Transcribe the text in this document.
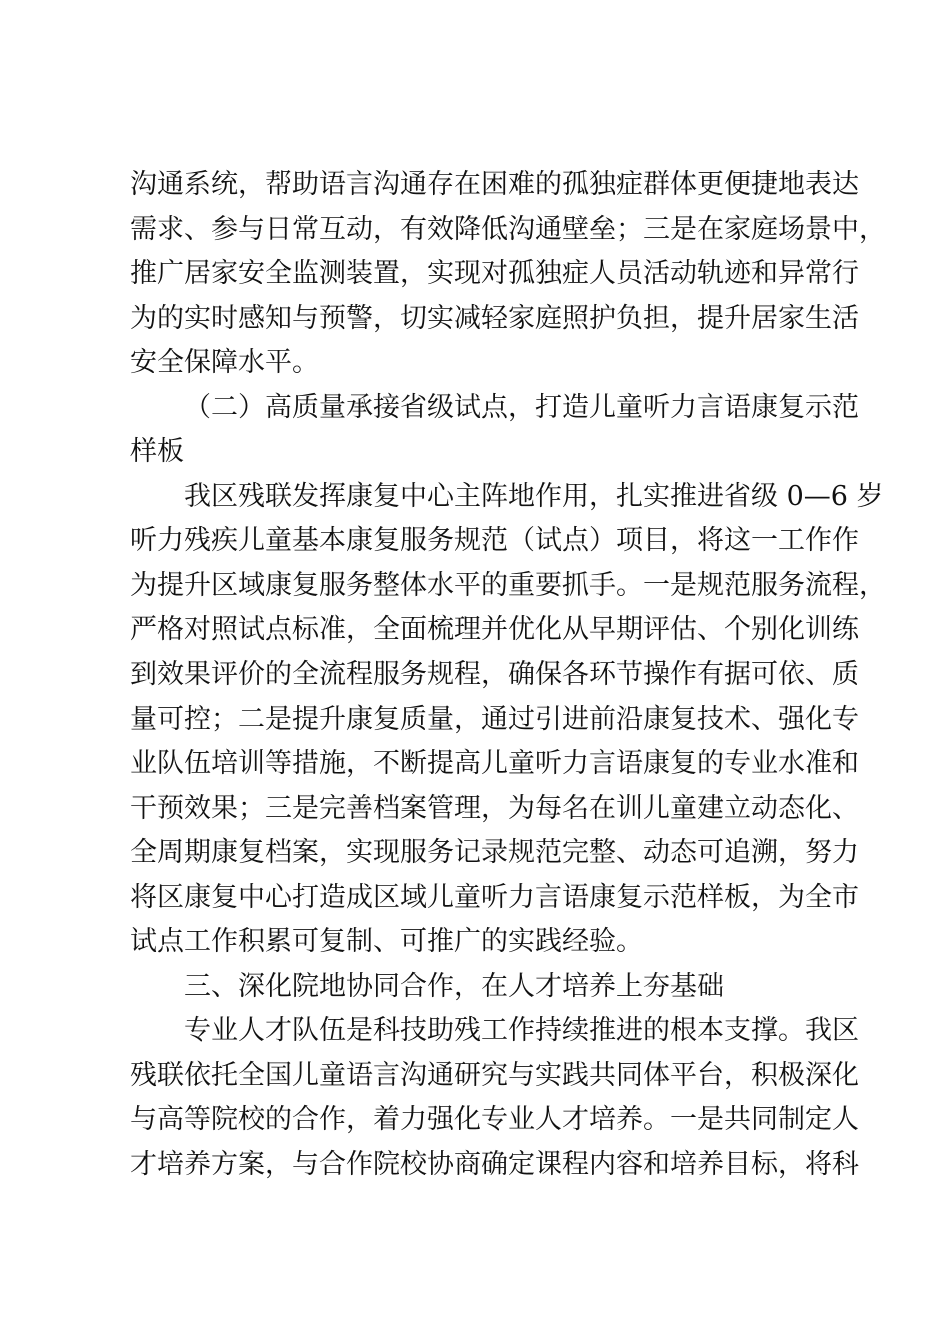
沟通系统，帮助语言沟通存在困难的孤独症群体更便捷地表达
需求、参与日常互动，有效降低沟通壁垒；三是在家庭场景中，
推广居家安全监测装置，实现对孤独症人员活动轨迹和异常行
为的实时感知与预警，切实减轻家庭照护负担，提升居家生活
安全保障水平。
（二）高质量承接省级试点，打造儿童听力言语康复示范
样板
我区残联发挥康复中心主阵地作用，扎实推进省级 0—6 岁
听力残疾儿童基本康复服务规范（试点）项目，将这一工作作
为提升区域康复服务整体水平的重要抓手。一是规范服务流程，
严格对照试点标准，全面梳理并优化从早期评估、个别化训练
到效果评价的全流程服务规程，确保各环节操作有据可依、质
量可控；二是提升康复质量，通过引进前沿康复技术、强化专
业队伍培训等措施，不断提高儿童听力言语康复的专业水准和
干预效果；三是完善档案管理，为每名在训儿童建立动态化、
全周期康复档案，实现服务记录规范完整、动态可追溯，努力
将区康复中心打造成区域儿童听力言语康复示范样板，为全市
试点工作积累可复制、可推广的实践经验。
三、深化院地协同合作，在人才培养上夯基础
专业人才队伍是科技助残工作持续推进的根本支撑。我区
残联依托全国儿童语言沟通研究与实践共同体平台，积极深化
与高等院校的合作，着力强化专业人才培养。一是共同制定人
才培养方案，与合作院校协商确定课程内容和培养目标，将科
